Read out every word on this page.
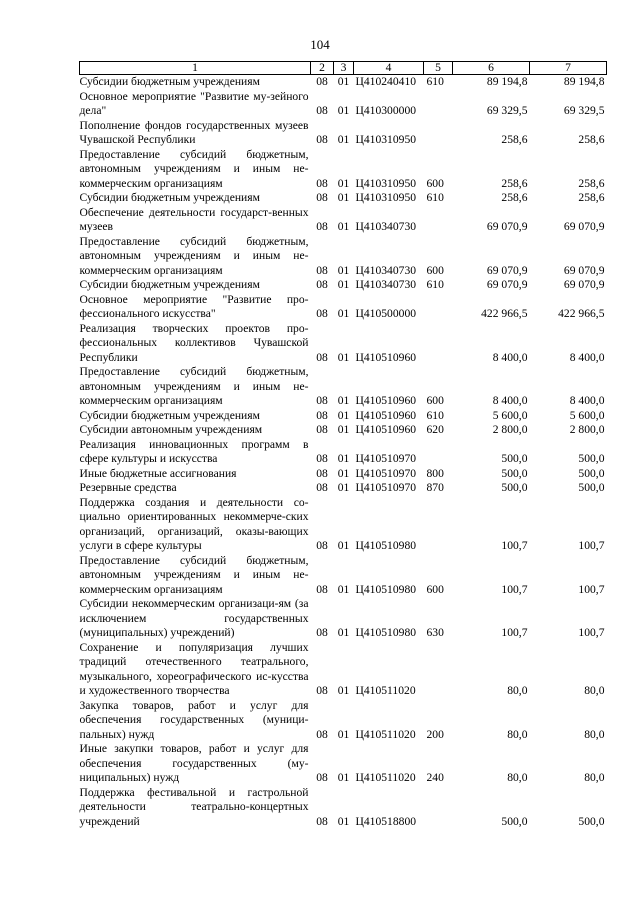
104
1	2	3	4	5	6	7
Субсидии бюджетным учреждениям	08	01	Ц410240410	610	89 194,8	89 194,8
Основное мероприятие "Развитие му-зейного дела"	08	01	Ц410300000		69 329,5	69 329,5
Пополнение фондов государственных музеев Чувашской Республики	08	01	Ц410310950		258,6	258,6
Предоставление субсидий бюджетным, автономным учреждениям и иным не-коммерческим организациям	08	01	Ц410310950	600	258,6	258,6
Субсидии бюджетным учреждениям	08	01	Ц410310950	610	258,6	258,6
Обеспечение деятельности государст-венных музеев	08	01	Ц410340730		69 070,9	69 070,9
Предоставление субсидий бюджетным, автономным учреждениям и иным не-коммерческим организациям	08	01	Ц410340730	600	69 070,9	69 070,9
Субсидии бюджетным учреждениям	08	01	Ц410340730	610	69 070,9	69 070,9
Основное мероприятие "Развитие про-фессионального искусства"	08	01	Ц410500000		422 966,5	422 966,5
Реализация творческих проектов про-фессиональных коллективов Чувашской Республики	08	01	Ц410510960		8 400,0	8 400,0
Предоставление субсидий бюджетным, автономным учреждениям и иным не-коммерческим организациям	08	01	Ц410510960	600	8 400,0	8 400,0
Субсидии бюджетным учреждениям	08	01	Ц410510960	610	5 600,0	5 600,0
Субсидии автономным учреждениям	08	01	Ц410510960	620	2 800,0	2 800,0
Реализация инновационных программ в сфере культуры и искусства	08	01	Ц410510970		500,0	500,0
Иные бюджетные ассигнования	08	01	Ц410510970	800	500,0	500,0
Резервные средства	08	01	Ц410510970	870	500,0	500,0
Поддержка создания и деятельности со-циально ориентированных некоммерче-ских организаций, организаций, оказы-вающих услуги в сфере культуры	08	01	Ц410510980		100,7	100,7
Предоставление субсидий бюджетным, автономным учреждениям и иным не-коммерческим организациям	08	01	Ц410510980	600	100,7	100,7
Субсидии некоммерческим организаци-ям (за исключением государственных (муниципальных) учреждений)	08	01	Ц410510980	630	100,7	100,7
Сохранение и популяризация лучших традиций отечественного театрального, музыкального, хореографического ис-кусства и художественного творчества	08	01	Ц410511020		80,0	80,0
Закупка товаров, работ и услуг для обеспечения государственных (муници-пальных) нужд	08	01	Ц410511020	200	80,0	80,0
Иные закупки товаров, работ и услуг для обеспечения государственных (му-ниципальных) нужд	08	01	Ц410511020	240	80,0	80,0
Поддержка фестивальной и гастрольной деятельности театрально-концертных учреждений	08	01	Ц410518800		500,0	500,0
